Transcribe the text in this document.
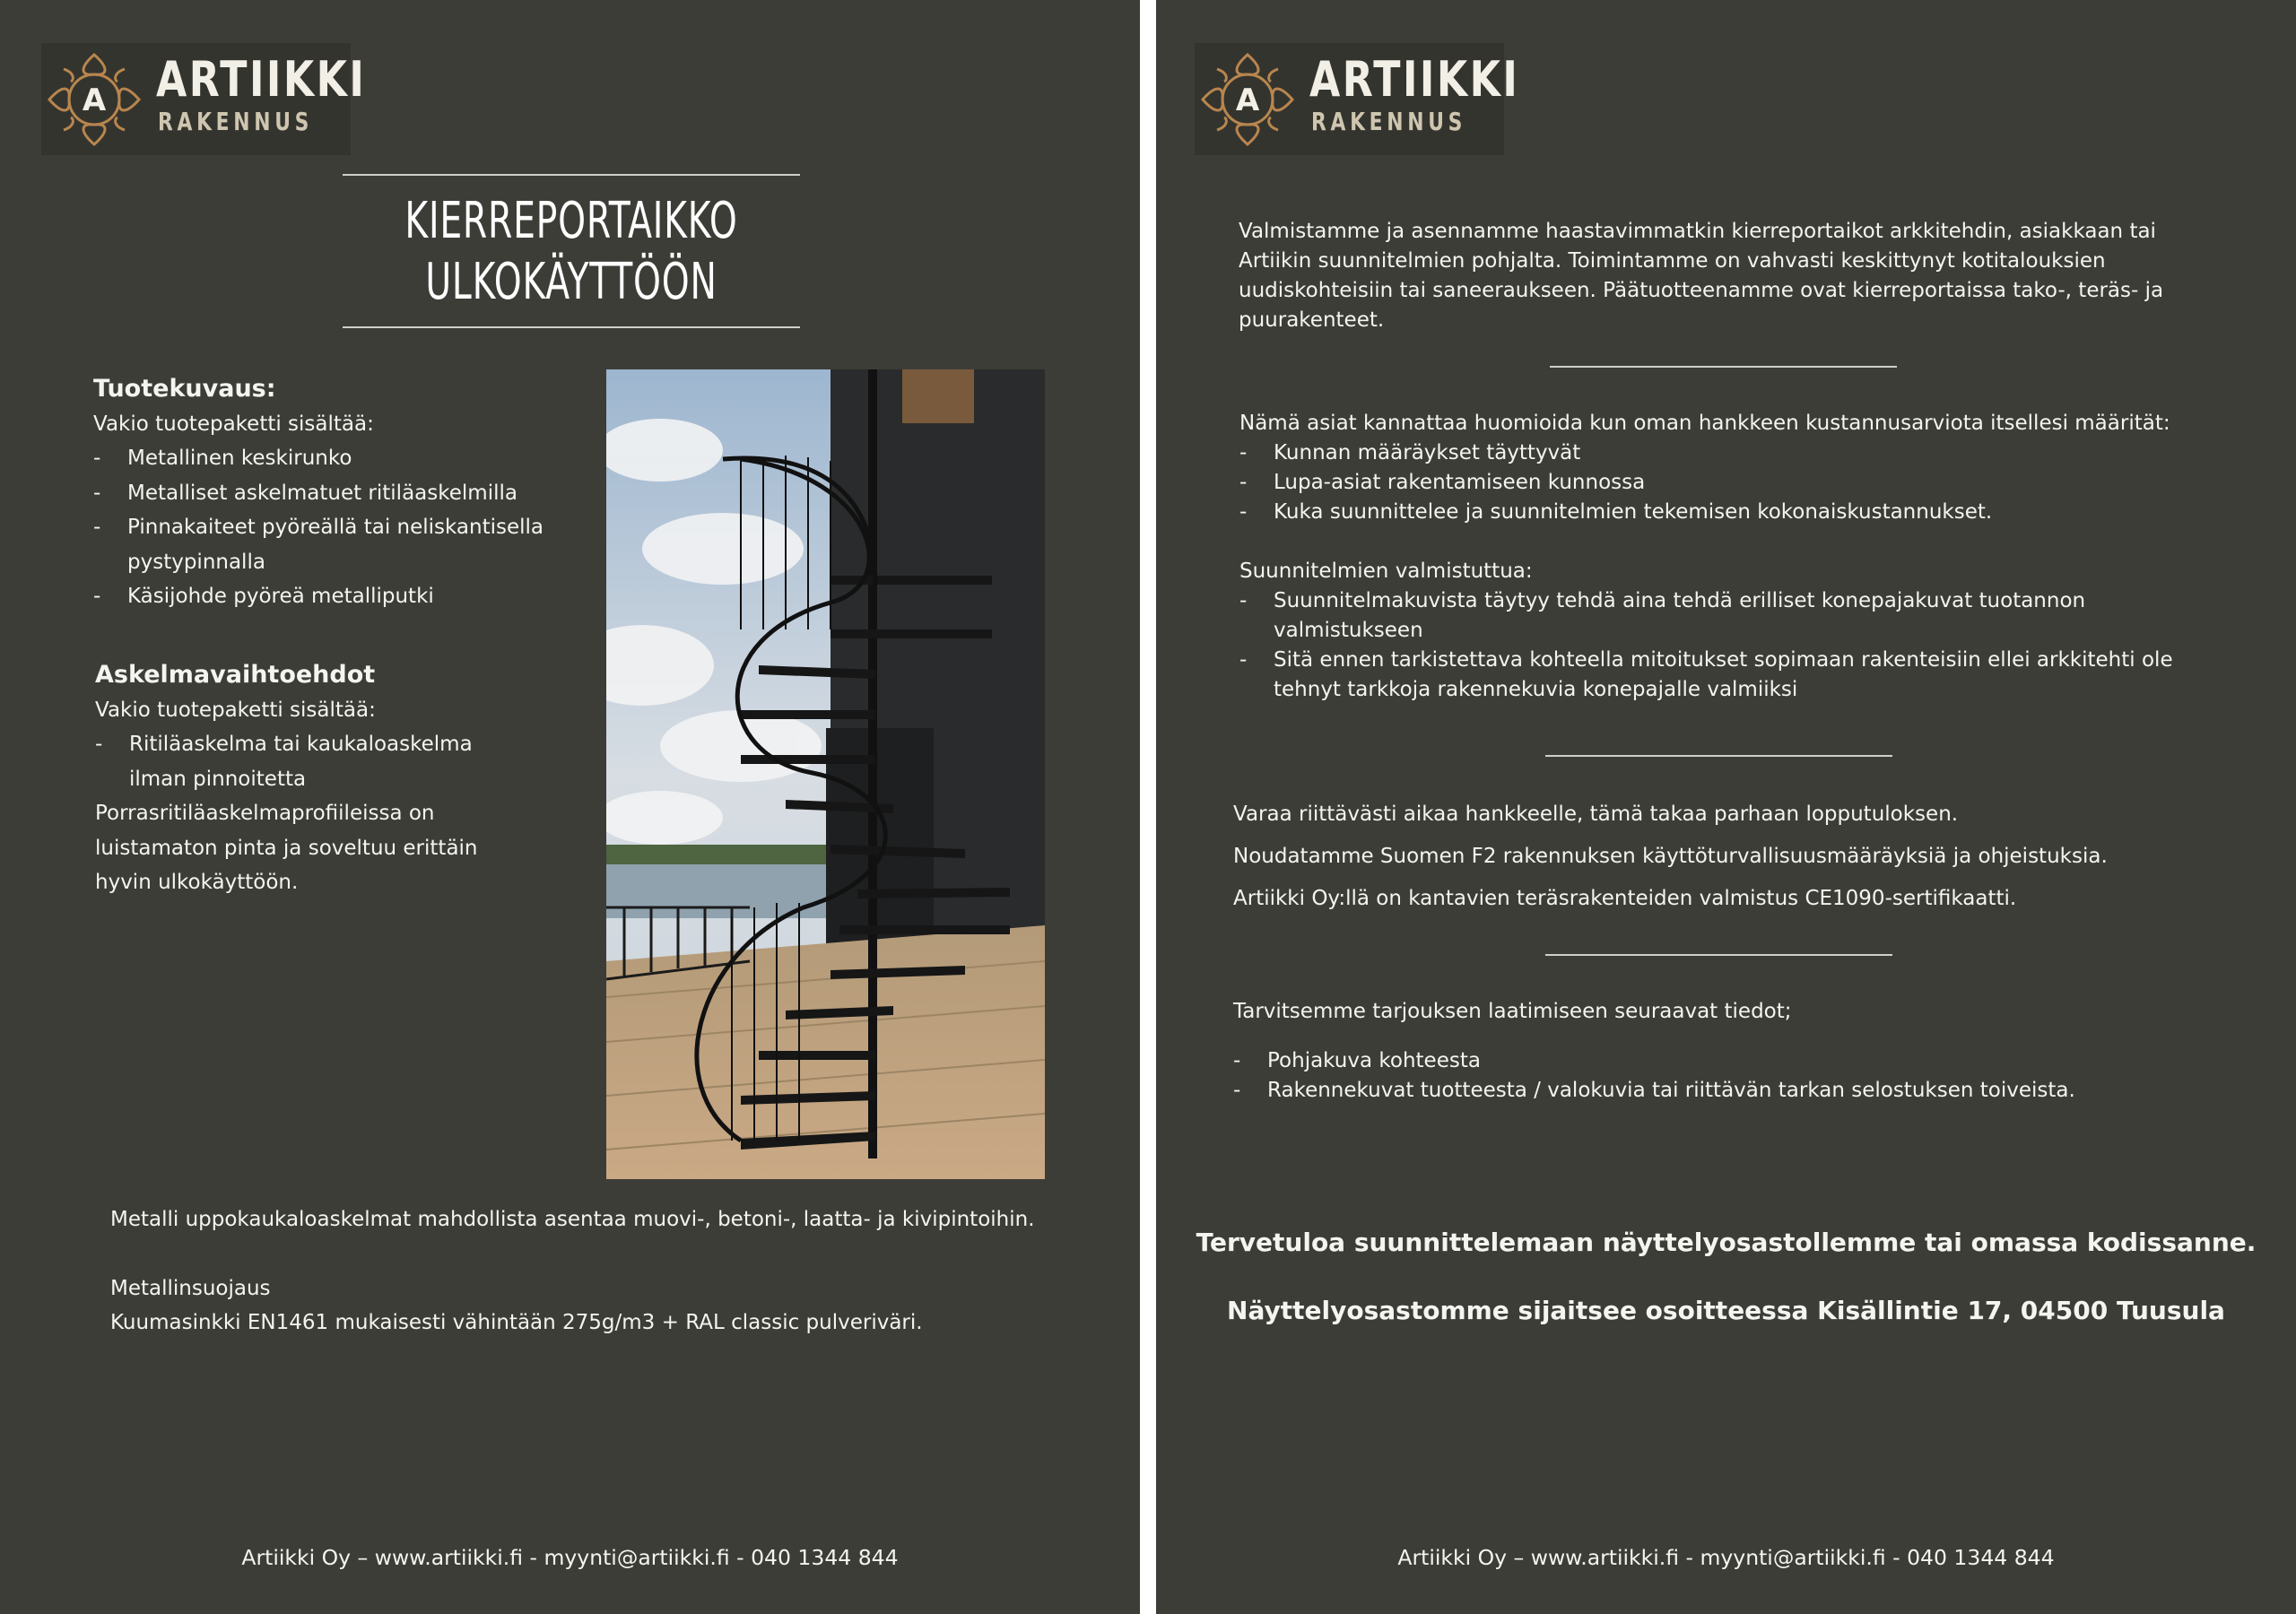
A ARTIIKKI
RAKENNUS
KIERREPORTAIKKO
ULKOKÄYTTÖÖN
Tuotekuvaus:
Vakio tuotepaketti sisältää:
- Metallinen keskirunko
- Metalliset askelmatuet ritiläaskelmilla
- Pinnakaiteet pyöreällä tai neliskantisella
pystypinnalla
- Käsijohde pyöreä metalliputki
Askelmavaihtoehdot
Vakio tuotepaketti sisältää:
- Ritiläaskelma tai kaukaloaskelma
ilman pinnoitetta
Porrasritiläaskelmaprofiileissa on
luistamaton pinta ja soveltuu erittäin
hyvin ulkokäyttöön.
Metalli uppokaukaloaskelmat mahdollista asentaa muovi-, betoni-, laatta- ja kivipintoihin.
Metallinsuojaus
Kuumasinkki EN1461 mukaisesti vähintään 275g/m3 + RAL classic pulveriväri.
Artiikki Oy – www.artiikki.fi - myynti@artiikki.fi - 040 1344 844
A ARTIIKKI
RAKENNUS
Valmistamme ja asennamme haastavimmatkin kierreportaikot arkkitehdin, asiakkaan tai Artiikin suunnitelmien pohjalta. Toimintamme on vahvasti keskittynyt kotitalouksien uudiskohteisiin tai saneeraukseen. Päätuotteenamme ovat kierreportaissa tako-, teräs- ja puurakenteet.
Nämä asiat kannattaa huomioida kun oman hankkeen kustannusarviota itsellesi määrität:
- Kunnan määräykset täyttyvät
- Lupa-asiat rakentamiseen kunnossa
- Kuka suunnittelee ja suunnitelmien tekemisen kokonaiskustannukset.
Suunnitelmien valmistuttua:
- Suunnitelmakuvista täytyy tehdä aina tehdä erilliset konepajakuvat tuotannon valmistukseen
- Sitä ennen tarkistettava kohteella mitoitukset sopimaan rakenteisiin ellei arkkitehti ole tehnyt tarkkoja rakennekuvia konepajalle valmiiksi
Varaa riittävästi aikaa hankkeelle, tämä takaa parhaan lopputuloksen.
Noudatamme Suomen F2 rakennuksen käyttöturvallisuusmääräyksiä ja ohjeistuksia.
Artiikki Oy:llä on kantavien teräsrakenteiden valmistus CE1090-sertifikaatti.
Tarvitsemme tarjouksen laatimiseen seuraavat tiedot;
- Pohjakuva kohteesta
- Rakennekuvat tuotteesta / valokuvia tai riittävän tarkan selostuksen toiveista.
Tervetuloa suunnittelemaan näyttelyosastollemme tai omassa kodissanne.
Näyttelyosastomme sijaitsee osoitteessa Kisällintie 17, 04500 Tuusula
Artiikki Oy – www.artiikki.fi - myynti@artiikki.fi - 040 1344 844
